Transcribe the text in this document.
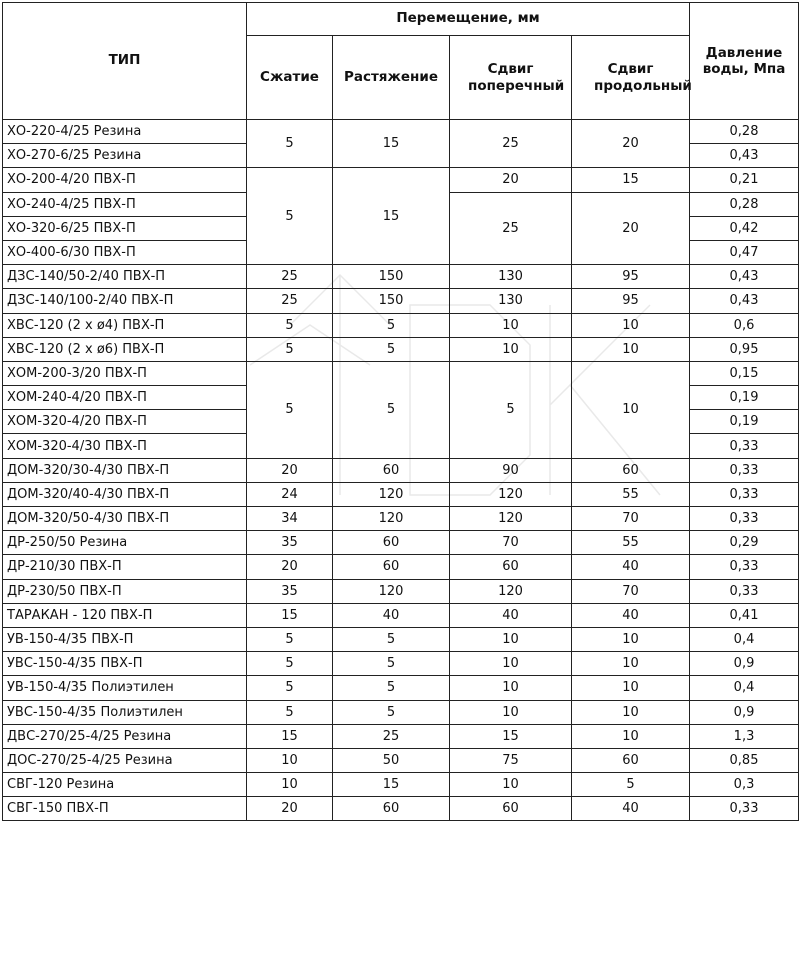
ТИП	Перемещение, мм				Давление воды, Мпа
	Сжатие	Растяжение	Сдвиг поперечный	Сдвиг продольный	
ХО-220-4/25 Резина	5	15	25	20	0,28
ХО-270-6/25 Резина					0,43
ХО-200-4/20 ПВХ-П	5	15	20	15	0,21
ХО-240-4/25 ПВХ-П			25	20	0,28
ХО-320-6/25 ПВХ-П					0,42
ХО-400-6/30 ПВХ-П					0,47
ДЗС-140/50-2/40 ПВХ-П	25	150	130	95	0,43
ДЗС-140/100-2/40 ПВХ-П	25	150	130	95	0,43
ХВС-120 (2 х ø4) ПВХ-П	5	5	10	10	0,6
ХВС-120 (2 х ø6) ПВХ-П	5	5	10	10	0,95
ХОМ-200-3/20 ПВХ-П	5	5	5	10	0,15
ХОМ-240-4/20 ПВХ-П					0,19
ХОМ-320-4/20 ПВХ-П					0,19
ХОМ-320-4/30 ПВХ-П					0,33
ДОМ-320/30-4/30 ПВХ-П	20	60	90	60	0,33
ДОМ-320/40-4/30 ПВХ-П	24	120	120	55	0,33
ДОМ-320/50-4/30 ПВХ-П	34	120	120	70	0,33
ДР-250/50 Резина	35	60	70	55	0,29
ДР-210/30 ПВХ-П	20	60	60	40	0,33
ДР-230/50 ПВХ-П	35	120	120	70	0,33
ТАРАКАН - 120 ПВХ-П	15	40	40	40	0,41
УВ-150-4/35 ПВХ-П	5	5	10	10	0,4
УВС-150-4/35 ПВХ-П	5	5	10	10	0,9
УВ-150-4/35 Полиэтилен	5	5	10	10	0,4
УВС-150-4/35 Полиэтилен	5	5	10	10	0,9
ДВС-270/25-4/25 Резина	15	25	15	10	1,3
ДОС-270/25-4/25 Резина	10	50	75	60	0,85
СВГ-120 Резина	10	15	10	5	0,3
СВГ-150 ПВХ-П	20	60	60	40	0,33
